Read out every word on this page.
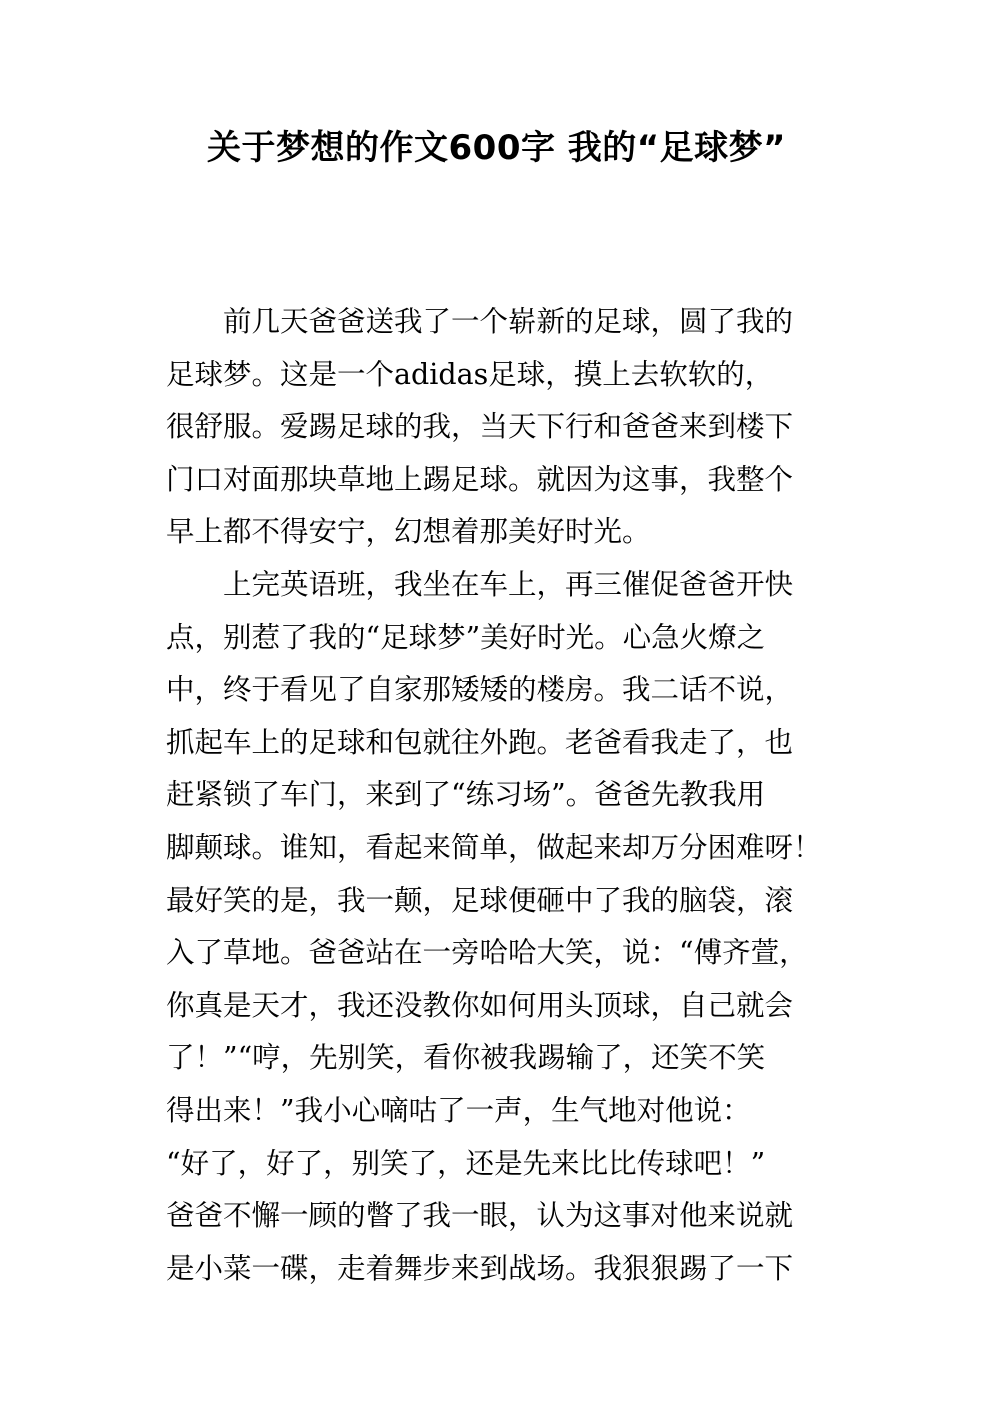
关于梦想的作文600字 我的“足球梦”
　　前几天爸爸送我了一个崭新的足球，圆了我的
足球梦。这是一个adidas足球，摸上去软软的，
很舒服。爱踢足球的我，当天下行和爸爸来到楼下
门口对面那块草地上踢足球。就因为这事，我整个
早上都不得安宁，幻想着那美好时光。
　　上完英语班，我坐在车上，再三催促爸爸开快
点，别惹了我的“足球梦”美好时光。心急火燎之
中，终于看见了自家那矮矮的楼房。我二话不说，
抓起车上的足球和包就往外跑。老爸看我走了，也
赶紧锁了车门，来到了“练习场”。爸爸先教我用
脚颠球。谁知，看起来简单，做起来却万分困难呀！
最好笑的是，我一颠，足球便砸中了我的脑袋，滚
入了草地。爸爸站在一旁哈哈大笑，说：“傅齐萱，
你真是天才，我还没教你如何用头顶球，自己就会
了！”“哼，先别笑，看你被我踢输了，还笑不笑
得出来！”我小心嘀咕了一声，生气地对他说：
“好了，好了，别笑了，还是先来比比传球吧！”
爸爸不懈一顾的瞥了我一眼，认为这事对他来说就
是小菜一碟，走着舞步来到战场。我狠狠踢了一下
